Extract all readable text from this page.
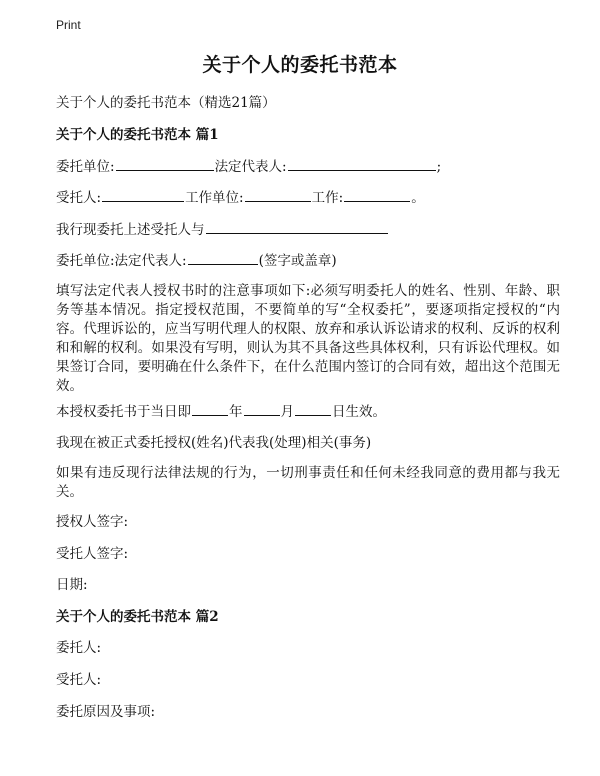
Print
关于个人的委托书范本
关于个人的委托书范本（精选21篇）
关于个人的委托书范本 篇1
委托单位:	法定代表人:	;
受托人:	工作单位:	工作:	。
我行现委托上述受托人与
委托单位:法定代表人:	(签字或盖章)
填写法定代表人授权书时的注意事项如下:必须写明委托人的姓名、性别、年龄、职务等基本情况。指定授权范围，不要简单的写“全权委托”，要逐项指定授权的“内容。代理诉讼的，应当写明代理人的权限、放弃和承认诉讼请求的权利、反诉的权利和和解的权利。如果没有写明，则认为其不具备这些具体权利，只有诉讼代理权。如果签订合同，要明确在什么条件下，在什么范围内签订的合同有效，超出这个范围无效。
本授权委托书于当日即	年	月	日生效。
我现在被正式委托授权(姓名)代表我(处理)相关(事务)
如果有违反现行法律法规的行为，一切刑事责任和任何未经我同意的费用都与我无关。
授权人签字:
受托人签字:
日期:
关于个人的委托书范本 篇2
委托人:
受托人:
委托原因及事项:
